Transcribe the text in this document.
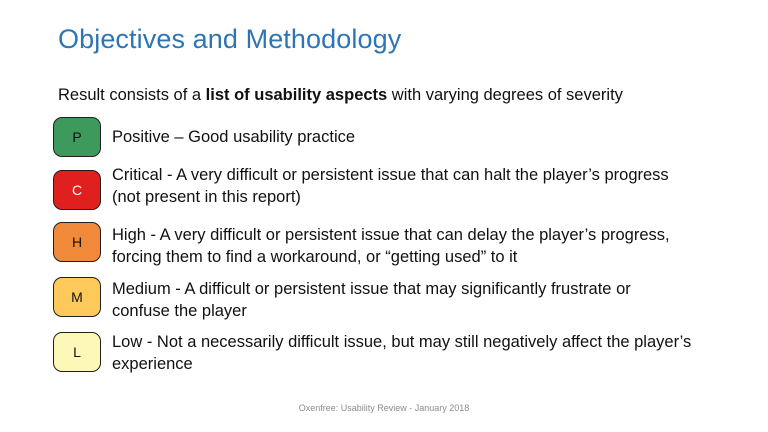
Objectives and Methodology
Result consists of a list of usability aspects with varying degrees of severity
P Positive – Good usability practice
C
Critical - A very difficult or persistent issue that can halt the player’s progress
(not present in this report)
H High - A very difficult or persistent issue that can delay the player’s progress,
forcing them to find a workaround, or “getting used” to it
M Medium - A difficult or persistent issue that may significantly frustrate or
confuse the player
L
Low - Not a necessarily difficult issue, but may still negatively affect the player’s
experience
Oxenfree: Usability Review - January 2018
